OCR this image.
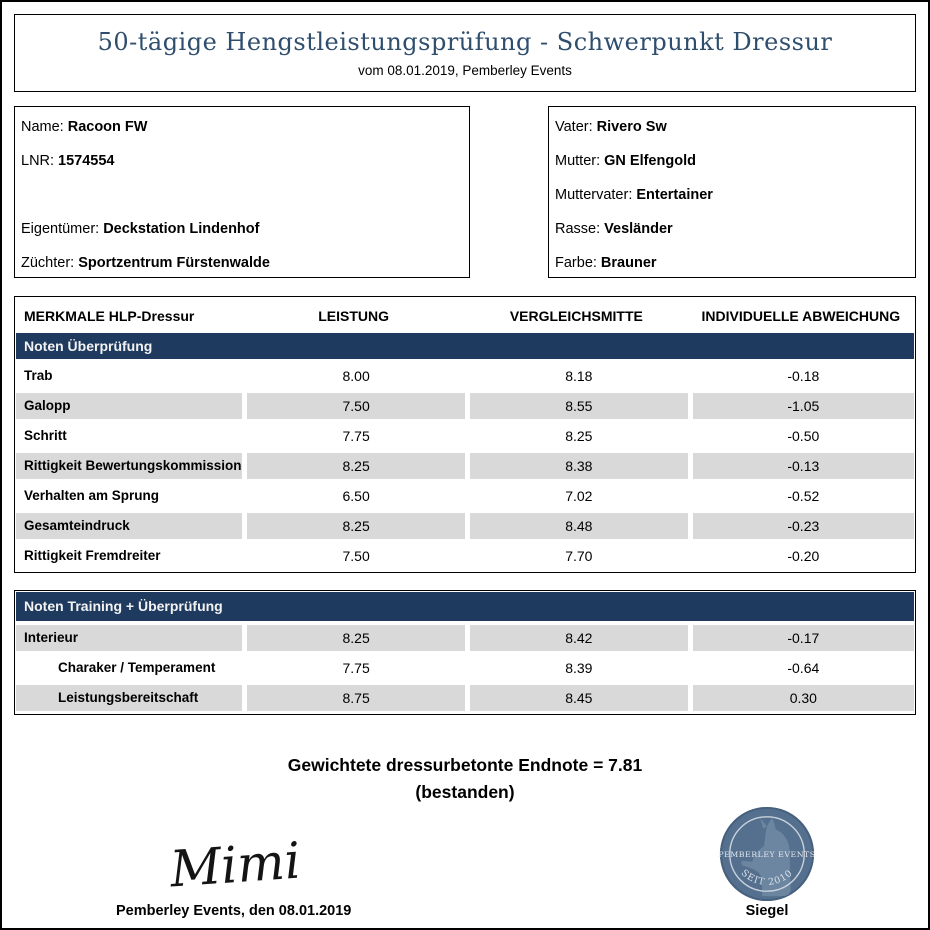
50-tägige Hengstleistungsprüfung - Schwerpunkt Dressur
vom 08.01.2019, Pemberley Events
Name: Racoon FW
LNR: 1574554
Eigentümer: Deckstation Lindenhof
Züchter: Sportzentrum Fürstenwalde
Vater: Rivero Sw
Mutter: GN Elfengold
Muttervater: Entertainer
Rasse: Vesländer
Farbe: Brauner
MERKMALE HLP-Dressur	LEISTUNG	VERGLEICHSMITTE	INDIVIDUELLE ABWEICHUNG
Noten Überprüfung
Trab	8.00	8.18	-0.18
Galopp	7.50	8.55	-1.05
Schritt	7.75	8.25	-0.50
Rittigkeit Bewertungskommission	8.25	8.38	-0.13
Verhalten am Sprung	6.50	7.02	-0.52
Gesamteindruck	8.25	8.48	-0.23
Rittigkeit Fremdreiter	7.50	7.70	-0.20
Noten Training + Überprüfung
Interieur	8.25	8.42	-0.17
Charaker / Temperament	7.75	8.39	-0.64
Leistungsbereitschaft	8.75	8.45	0.30
Gewichtete dressurbetonte Endnote = 7.81
(bestanden)
Mimi
Pemberley Events, den 08.01.2019
PEMBERLEY EVENTS
SEIT 2010
Siegel
